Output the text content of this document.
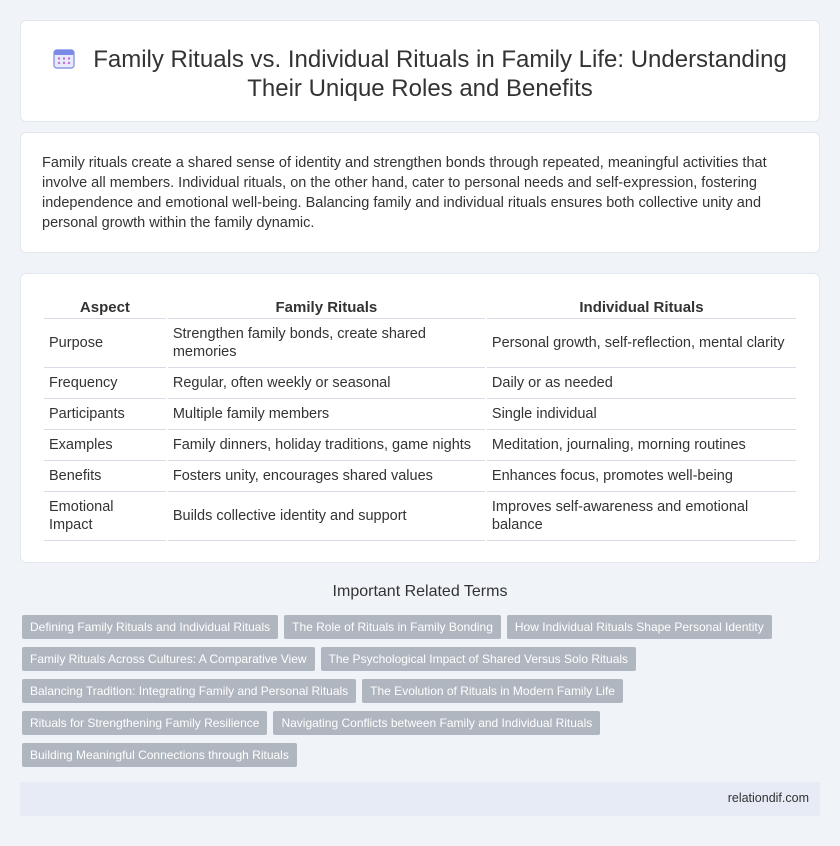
Family Rituals vs. Individual Rituals in Family Life: Understanding Their Unique Roles and Benefits

Family rituals create a shared sense of identity and strengthen bonds through repeated, meaningful activities that involve all members. Individual rituals, on the other hand, cater to personal needs and self-expression, fostering independence and emotional well-being. Balancing family and individual rituals ensures both collective unity and personal growth within the family dynamic.

Aspect	Family Rituals	Individual Rituals
Purpose	Strengthen family bonds, create shared memories	Personal growth, self-reflection, mental clarity
Frequency	Regular, often weekly or seasonal	Daily or as needed
Participants	Multiple family members	Single individual
Examples	Family dinners, holiday traditions, game nights	Meditation, journaling, morning routines
Benefits	Fosters unity, encourages shared values	Enhances focus, promotes well-being
Emotional Impact	Builds collective identity and support	Improves self-awareness and emotional balance
Important Related Terms
Defining Family Rituals and Individual Rituals	The Role of Rituals in Family Bonding	How Individual Rituals Shape Personal Identity
Family Rituals Across Cultures: A Comparative View	The Psychological Impact of Shared Versus Solo Rituals
Balancing Tradition: Integrating Family and Personal Rituals	The Evolution of Rituals in Modern Family Life
Rituals for Strengthening Family Resilience	Navigating Conflicts between Family and Individual Rituals
Building Meaningful Connections through Rituals
relationdif.com
